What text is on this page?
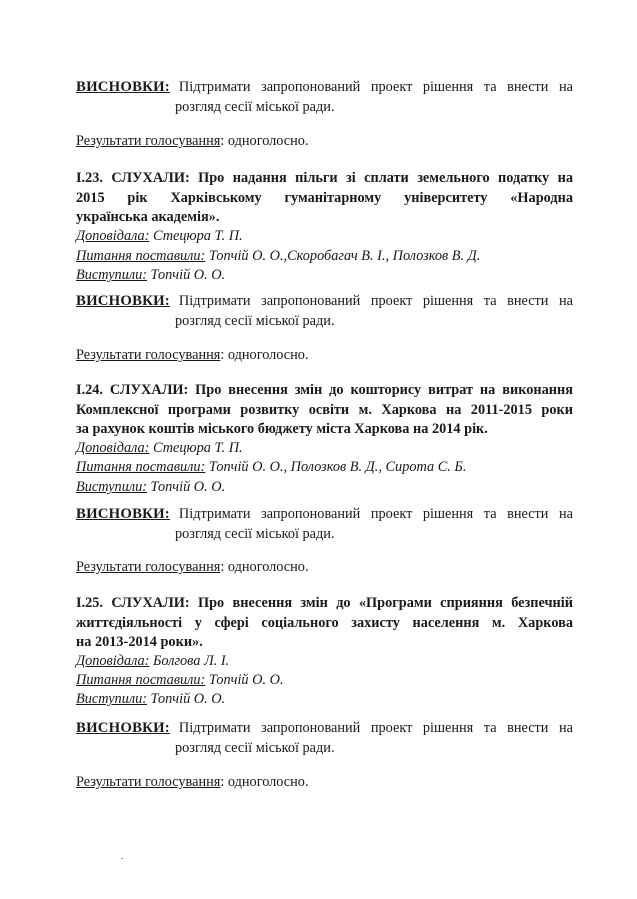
ВИСНОВКИ: Підтримати запропонований проект рішення та внести на
розгляд сесії міської ради.
Результати голосування: одноголосно.
І.23. СЛУХАЛИ: Про надання пільги зі сплати земельного податку на
2015 рік Харківському гуманітарному університету «Народна
українська академія».
Доповідала: Стецюра Т. П.
Питання поставили: Топчій О. О.,Скоробагач В. І., Полозков В. Д.
Виступили: Топчій О. О.
ВИСНОВКИ: Підтримати запропонований проект рішення та внести на
розгляд сесії міської ради.
Результати голосування: одноголосно.
І.24. СЛУХАЛИ: Про внесення змін до кошторису витрат на виконання
Комплексної програми розвитку освіти м. Харкова на 2011-2015 роки
за рахунок коштів міського бюджету міста Харкова на 2014 рік.
Доповідала: Стецюра Т. П.
Питання поставили: Топчій О. О., Полозков В. Д., Сирота С. Б.
Виступили: Топчій О. О.
ВИСНОВКИ: Підтримати запропонований проект рішення та внести на
розгляд сесії міської ради.
Результати голосування: одноголосно.
І.25. СЛУХАЛИ: Про внесення змін до «Програми сприяння безпечній
життєдіяльності у сфері соціального захисту населення м. Харкова
на 2013-2014 роки».
Доповідала: Болгова Л. І.
Питання поставили: Топчій О. О.
Виступили: Топчій О. О.
ВИСНОВКИ: Підтримати запропонований проект рішення та внести на
розгляд сесії міської ради.
Результати голосування: одноголосно.
